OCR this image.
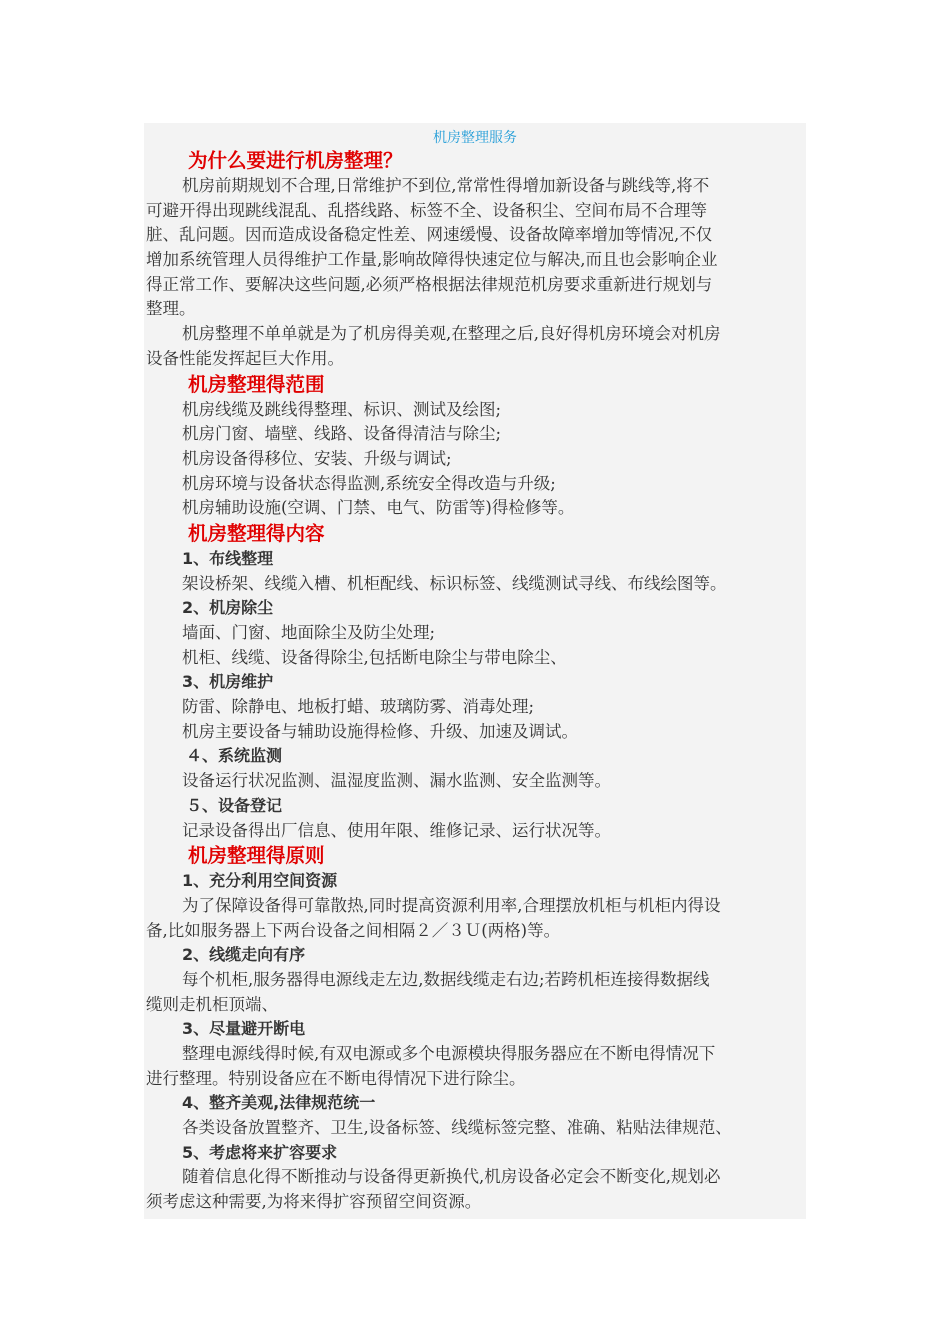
机房整理服务
为什么要进行机房整理？
机房前期规划不合理,日常维护不到位,常常性得增加新设备与跳线等,将不
可避开得出现跳线混乱、乱搭线路、标签不全、设备积尘、空间布局不合理等
脏、乱问题。因而造成设备稳定性差、网速缓慢、设备故障率增加等情况,不仅
增加系统管理人员得维护工作量,影响故障得快速定位与解决,而且也会影响企业
得正常工作、要解决这些问题,必须严格根据法律规范机房要求重新进行规划与
整理。
机房整理不单单就是为了机房得美观,在整理之后,良好得机房环境会对机房
设备性能发挥起巨大作用。
机房整理得范围
机房线缆及跳线得整理、标识、测试及绘图;
机房门窗、墙壁、线路、设备得清洁与除尘;
机房设备得移位、安装、升级与调试;
机房环境与设备状态得监测,系统安全得改造与升级;
机房辅助设施(空调、门禁、电气、防雷等)得检修等。
机房整理得内容
1、布线整理
架设桥架、线缆入槽、机柜配线、标识标签、线缆测试寻线、布线绘图等。
2、机房除尘
墙面、门窗、地面除尘及防尘处理;
机柜、线缆、设备得除尘,包括断电除尘与带电除尘、
3、机房维护
防雷、除静电、地板打蜡、玻璃防雾、消毒处理;
机房主要设备与辅助设施得检修、升级、加速及调试。
４、系统监测
设备运行状况监测、温湿度监测、漏水监测、安全监测等。
５、设备登记
记录设备得出厂信息、使用年限、维修记录、运行状况等。
机房整理得原则
1、充分利用空间资源
为了保障设备得可靠散热,同时提高资源利用率,合理摆放机柜与机柜内得设
备,比如服务器上下两台设备之间相隔２／３Ｕ(两格)等。
2、线缆走向有序
每个机柜,服务器得电源线走左边,数据线缆走右边;若跨机柜连接得数据线
缆则走机柜顶端、
3、尽量避开断电
整理电源线得时候,有双电源或多个电源模块得服务器应在不断电得情况下
进行整理。特别设备应在不断电得情况下进行除尘。
4、整齐美观,法律规范统一
各类设备放置整齐、卫生,设备标签、线缆标签完整、准确、粘贴法律规范、
5、考虑将来扩容要求
随着信息化得不断推动与设备得更新换代,机房设备必定会不断变化,规划必
须考虑这种需要,为将来得扩容预留空间资源。
